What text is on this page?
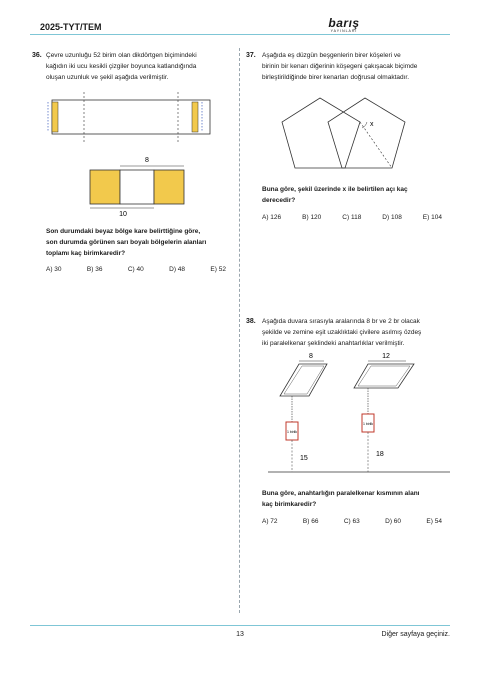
2025-TYT/TEM	barış
YAYINLARI
36. Çevre uzunluğu 52 birim olan dikdörtgen biçimindeki
kağıdın iki ucu kesikli çizgiler boyunca katlandığında
oluşan uzunluk ve şekil aşağıda verilmiştir.
8
10
Son durumdaki beyaz bölge kare belirttiğine göre,
son durumda görünen sarı boyalı bölgelerin alanları
toplamı kaç birimkaredir?
A) 30	B) 36	C) 40	D) 48	E) 52
37. Aşağıda eş düzgün beşgenlerin birer köşeleri ve
birinin bir kenarı diğerinin köşegeni çakışacak biçimde
birleştirildiğinde birer kenarları doğrusal olmaktadır.
x
Buna göre, şekil üzerinde x ile belirtilen açı kaç
derecedir?
A) 126	B) 120	C) 118	D) 108	E) 104
38. Aşağıda duvara sırasıyla aralarında 8 br ve 2 br olacak
şekilde ve zemine eşit uzaklıktaki çivilere asılmış özdeş
iki paralelkenar şeklindeki anahtarlıklar verilmiştir.
8
1 birlik
15
12
1 birlik
18
Buna göre, anahtarlığın paralelkenar kısmının alanı
kaç birimkaredir?
A) 72	B) 66	C) 63	D) 60	E) 54
13	Diğer sayfaya geçiniz.
